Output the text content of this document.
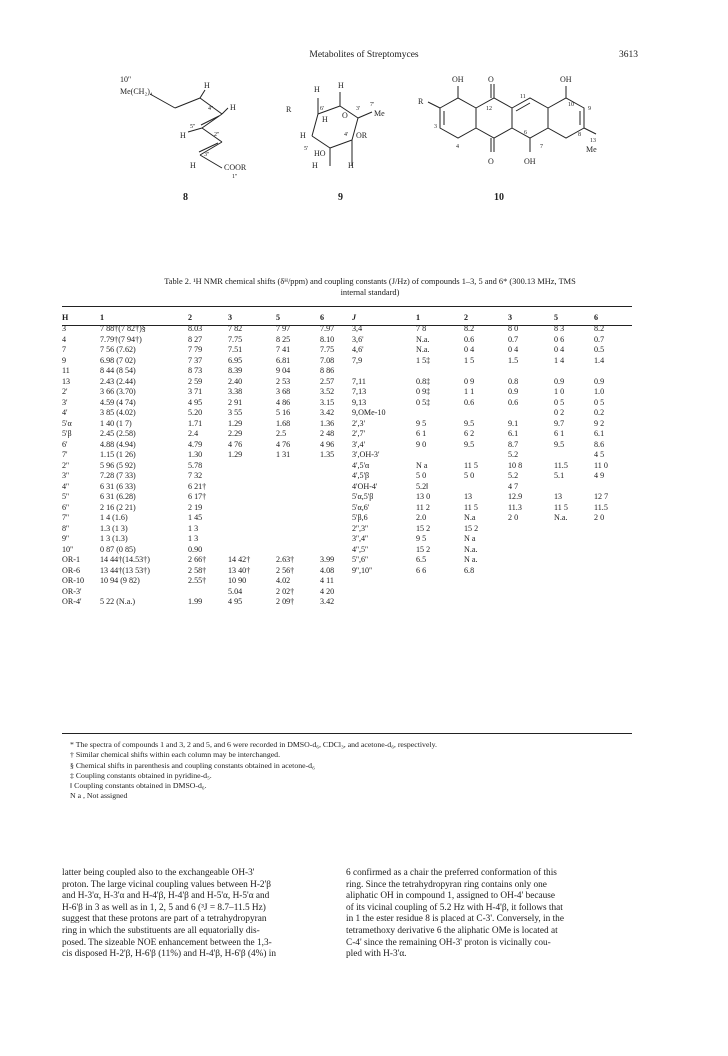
Metabolites of Streptomyces	3613
10''
Me(CH₂)₄
H
4'' H
5''
2''
H
3''
H	COOR
1''
8
H H
R	6'	3'
O
7'
Me
H
H	4' OR
5' HO
H	H
9
OH	O	OH
R	11
12
10
9
3
4
6
7
8
13
Me
O	OH
10
Table 2. ¹H NMR chemical shifts (δᴴ/ppm) and coupling constants (J/Hz) of compounds 1–3, 5 and 6* (300.13 MHz, TMS
internal standard)
H	1	2	3	5	6	J	1	2	3	5	6
3	7 88†(7 82†)§	8.03	7 82	7 97	7.97	3,4	7 8	8.2	8 0	8 3	8.2
4	7.79†(7 94†)	8 27	7.75	8 25	8.10	3,6'	N.a.	0.6	0.7	0 6	0.7
7	7 56 (7.62)	7 79	7.51	7 41	7.75	4,6'	N.a.	0 4	0 4	0 4	0.5
9	6.98 (7 02)	7 37	6.95	6.81	7.08	7,9	1 5‡	1 5	1.5	1 4	1.4
11	8 44 (8 54)	8 73	8.39	9 04	8 86						
13	2.43 (2.44)	2 59	2.40	2 53	2.57	7,11	0.8‡	0 9	0.8	0.9	0.9
2'	3 66 (3.70)	3 71	3.38	3 68	3.52	7,13	0 9‡	1 1	0.9	1 0	1.0
3'	4.59 (4 74)	4 95	2 91	4 86	3.15	9,13	0 5‡	0.6	0.6	0 5	0 5
4'	3 85 (4.02)	5.20	3 55	5 16	3.42	9,OMe-10				0 2	0.2
5'α	1 40 (1 7)	1.71	1.29	1.68	1.36	2',3'	9 5	9.5	9.1	9.7	9 2
5'β	2.45 (2.58)	2.4	2.29	2.5	2 48	2',7'	6 1	6 2	6.1	6 1	6.1
6'	4.88 (4.94)	4.79	4 76	4 76	4 96	3',4'	9 0	9.5	8.7	9.5	8.6
7'	1.15 (1 26)	1.30	1.29	1 31	1.35	3',OH-3'			5.2		4 5
2''	5 96 (5 92)	5.78				4',5'α	N a	11 5	10 8	11.5	11 0
3''	7.28 (7 33)	7 32				4',5'β	5 0	5 0	5.2	5.1	4 9
4''	6 31 (6 33)	6 21†				4'OH-4'	5.2‖		4 7		
5''	6 31 (6.28)	6 17†				5'α,5'β	13 0	13	12.9	13	12 7
6''	2 16 (2 21)	2 19				5'α,6'	11 2	11 5	11.3	11 5	11.5
7''	1 4 (1.6)	1 45				5'β,6	2.0	N.a	2 0	N.a.	2 0
8''	1.3 (1 3)	1 3				2'',3''	15 2	15 2			
9''	1 3 (1.3)	1 3				3'',4''	9 5	N a			
10''	0 87 (0 85)	0.90				4'',5''	15 2	N.a.			
OR-1	14 44†(14.53†)	2 66†	14 42†	2.63†	3.99	5'',6''	6.5	N a.			
OR-6	13 44†(13 53†)	2 58†	13 40†	2 56†	4.08	9'',10''	6 6	6.8			
OR-10	10 94 (9 82)	2.55†	10 90	4.02	4 11						
OR-3'			5.04	2 02†	4 20						
OR-4'	5 22 (N.a.)	1.99	4 95	2 09†	3.42						
* The spectra of compounds 1 and 3, 2 and 5, and 6 were recorded in DMSO-d₆, CDCl₃, and acetone-d₆, respectively.
† Similar chemical shifts within each column may be interchanged.
§ Chemical shifts in parenthesis and coupling constants obtained in acetone-d₆
‡ Coupling constants obtained in pyridine-d₅.
‖ Coupling constants obtained in DMSO-d₆.
N a , Not assigned
latter being coupled also to the exchangeable OH-3'
proton. The large vicinal coupling values between H-2'β
and H-3'α, H-3'α and H-4'β, H-4'β and H-5'α, H-5'α and
H-6'β in 3 as well as in 1, 2, 5 and 6 (³J = 8.7–11.5 Hz)
suggest that these protons are part of a tetrahydropyran
ring in which the substituents are all equatorially dis-
posed. The sizeable NOE enhancement between the 1,3-
cis disposed H-2'β, H-6'β (11%) and H-4'β, H-6'β (4%) in
6 confirmed as a chair the preferred conformation of this
ring. Since the tetrahydropyran ring contains only one
aliphatic OH in compound 1, assigned to OH-4' because
of its vicinal coupling of 5.2 Hz with H-4'β, it follows that
in 1 the ester residue 8 is placed at C-3'. Conversely, in the
tetramethoxy derivative 6 the aliphatic OMe is located at
C-4' since the remaining OH-3' proton is vicinally cou-
pled with H-3'α.
